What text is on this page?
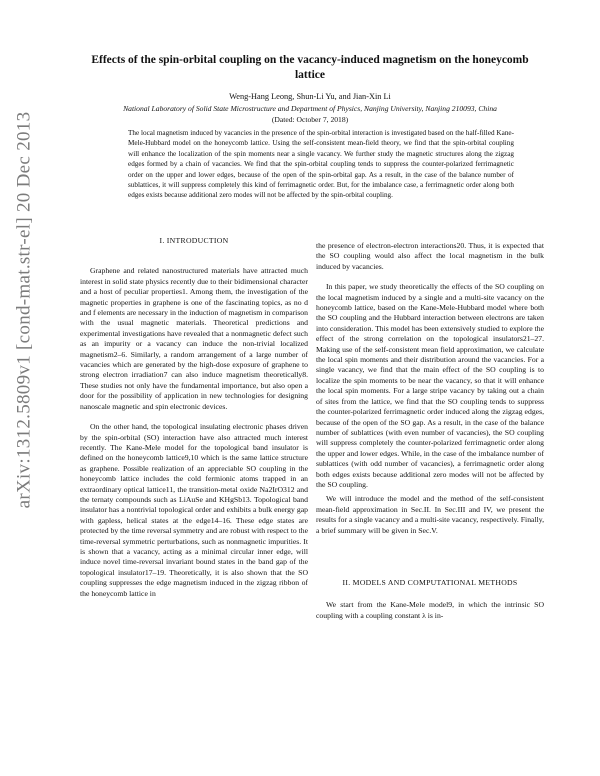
arXiv:1312.5809v1 [cond-mat.str-el] 20 Dec 2013
Effects of the spin-orbital coupling on the vacancy-induced magnetism on the honeycomb lattice
Weng-Hang Leong, Shun-Li Yu, and Jian-Xin Li
National Laboratory of Solid State Microstructure and Department of Physics, Nanjing University, Nanjing 210093, China
(Dated: October 7, 2018)
The local magnetism induced by vacancies in the presence of the spin-orbital interaction is investigated based on the half-filled Kane-Mele-Hubbard model on the honeycomb lattice. Using the self-consistent mean-field theory, we find that the spin-orbital coupling will enhance the localization of the spin moments near a single vacancy. We further study the magnetic structures along the zigzag edges formed by a chain of vacancies. We find that the spin-orbital coupling tends to suppress the counter-polarized ferrimagnetic order on the upper and lower edges, because of the open of the spin-orbital gap. As a result, in the case of the balance number of sublattices, it will suppress completely this kind of ferrimagnetic order. But, for the imbalance case, a ferrimagnetic order along both edges exists because additional zero modes will not be affected by the spin-orbital coupling.
I. INTRODUCTION

Graphene and related nanostructured materials have attracted much interest in solid state physics recently due to their bidimensional character and a host of peculiar properties1. Among them, the investigation of the magnetic properties in graphene is one of the fascinating topics, as no d and f elements are necessary in the induction of magnetism in comparison with the usual magnetic materials. Theoretical predictions and experimental investigations have revealed that a nonmagnetic defect such as an impurity or a vacancy can induce the non-trivial localized magnetism2–6. Similarly, a random arrangement of a large number of vacancies which are generated by the high-dose exposure of graphene to strong electron irradiation7 can also induce magnetism theoretically8. These studies not only have the fundamental importance, but also open a door for the possibility of application in new technologies for designing nanoscale magnetic and spin electronic devices.

On the other hand, the topological insulating electronic phases driven by the spin-orbital (SO) interaction have also attracted much interest recently. The Kane-Mele model for the topological band insulator is defined on the honeycomb lattice9,10 which is the same lattice structure as graphene. Possible realization of an appreciable SO coupling in the honeycomb lattice includes the cold fermionic atoms trapped in an extraordinary optical lattice11, the transition-metal oxide Na2IrO312 and the ternaty compounds such as LiAuSe and KHgSb13. Topological band insulator has a nontrivial topological order and exhibits a bulk energy gap with gapless, helical states at the edge14–16. These edge states are protected by the time reversal symmetry and are robust with respect to the time-reversal symmetric perturbations, such as nonmagnetic impurities. It is shown that a vacancy, acting as a minimal circular inner edge, will induce novel time-reversal invariant bound states in the band gap of the topological insulator17–19. Theoretically, it is also shown that the SO coupling suppresses the edge magnetism induced in the zigzag ribbon of the honeycomb lattice in

the presence of electron-electron interactions20. Thus, it is expected that the SO coupling would also affect the local magnetism in the bulk induced by vacancies.

In this paper, we study theoretically the effects of the SO coupling on the local magnetism induced by a single and a multi-site vacancy on the honeycomb lattice, based on the Kane-Mele-Hubbard model where both the SO coupling and the Hubbard interaction between electrons are taken into consideration. This model has been extensively studied to explore the effect of the strong correlation on the topological insulators21–27. Making use of the self-consistent mean field approximation, we calculate the local spin moments and their distribution around the vacancies. For a single vacancy, we find that the main effect of the SO coupling is to localize the spin moments to be near the vacancy, so that it will enhance the local spin moments. For a large stripe vacancy by taking out a chain of sites from the lattice, we find that the SO coupling tends to suppress the counter-polarized ferrimagnetic order induced along the zigzag edges, because of the open of the SO gap. As a result, in the case of the balance number of sublattices (with even number of vacancies), the SO coupling will suppress completely the counter-polarized ferrimagnetic order along the upper and lower edges. While, in the case of the imbalance number of sublattices (with odd number of vacancies), a ferrimagnetic order along both edges exists because additional zero modes will not be affected by the SO coupling.

We will introduce the model and the method of the self-consistent mean-field approximation in Sec.II. In Sec.III and IV, we present the results for a single vacancy and a multi-site vacancy, respectively. Finally, a brief summary will be given in Sec.V.

II. MODELS AND COMPUTATIONAL METHODS

We start from the Kane-Mele model9, in which the intrinsic SO coupling with a coupling constant λ is in-
